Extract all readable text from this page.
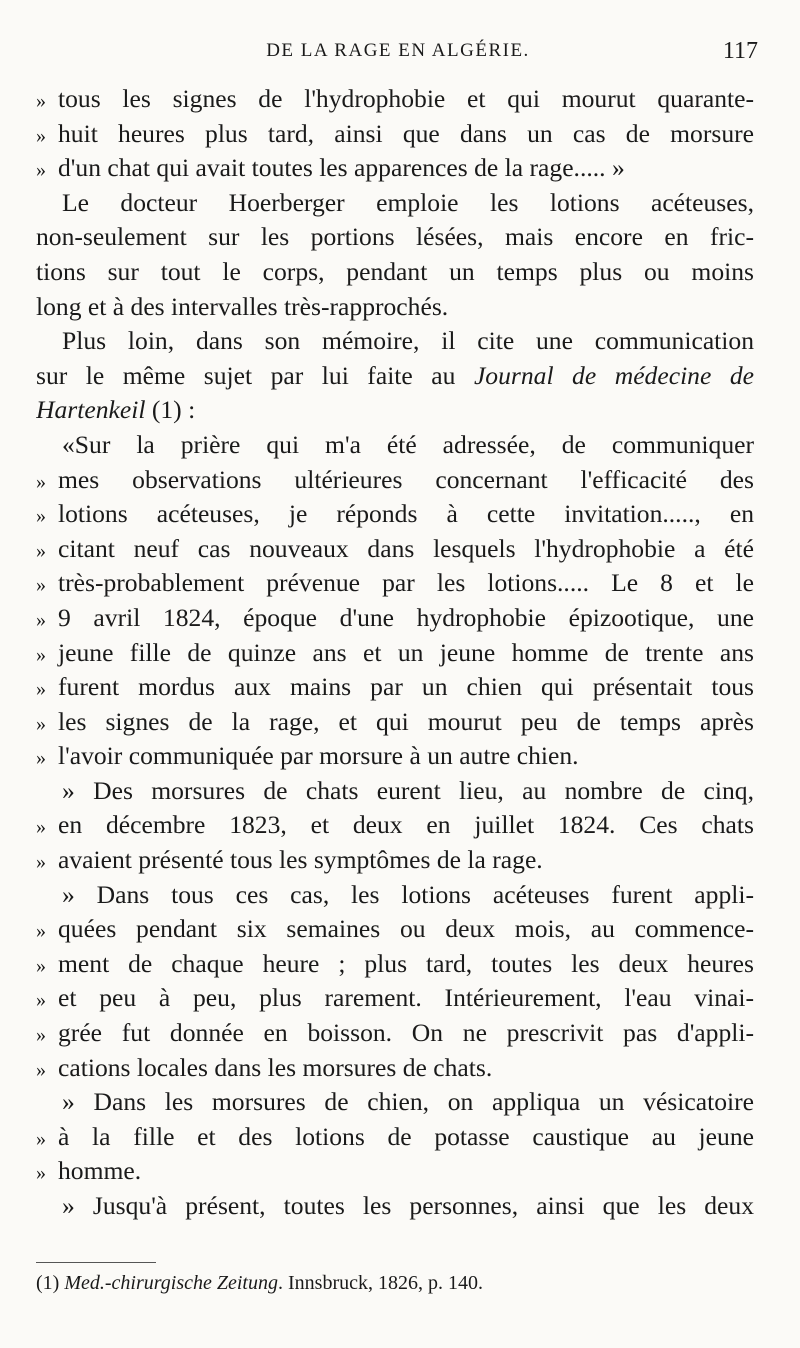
DE LA RAGE EN ALGÉRIE.	117
» tous les signes de l'hydrophobie et qui mourut quarante-
» huit heures plus tard, ainsi que dans un cas de morsure
» d'un chat qui avait toutes les apparences de la rage..... »
Le docteur Hoerberger emploie les lotions acéteuses,
non-seulement sur les portions lésées, mais encore en fric-
tions sur tout le corps, pendant un temps plus ou moins
long et à des intervalles très-rapprochés.
Plus loin, dans son mémoire, il cite une communication
sur le même sujet par lui faite au Journal de médecine de
Hartenkeil (1) :
«Sur la prière qui m'a été adressée, de communiquer
» mes observations ultérieures concernant l'efficacité des
» lotions acéteuses, je réponds à cette invitation....., en
» citant neuf cas nouveaux dans lesquels l'hydrophobie a été
» très-probablement prévenue par les lotions..... Le 8 et le
» 9 avril 1824, époque d'une hydrophobie épizootique, une
» jeune fille de quinze ans et un jeune homme de trente ans
» furent mordus aux mains par un chien qui présentait tous
» les signes de la rage, et qui mourut peu de temps après
» l'avoir communiquée par morsure à un autre chien.
» Des morsures de chats eurent lieu, au nombre de cinq,
» en décembre 1823, et deux en juillet 1824. Ces chats
» avaient présenté tous les symptômes de la rage.
» Dans tous ces cas, les lotions acéteuses furent appli-
» quées pendant six semaines ou deux mois, au commence-
» ment de chaque heure ; plus tard, toutes les deux heures
» et peu à peu, plus rarement. Intérieurement, l'eau vinai-
» grée fut donnée en boisson. On ne prescrivit pas d'appli-
» cations locales dans les morsures de chats.
» Dans les morsures de chien, on appliqua un vésicatoire
» à la fille et des lotions de potasse caustique au jeune
» homme.
» Jusqu'à présent, toutes les personnes, ainsi que les deux
(1) Med.-chirurgische Zeitung. Innsbruck, 1826, p. 140.
